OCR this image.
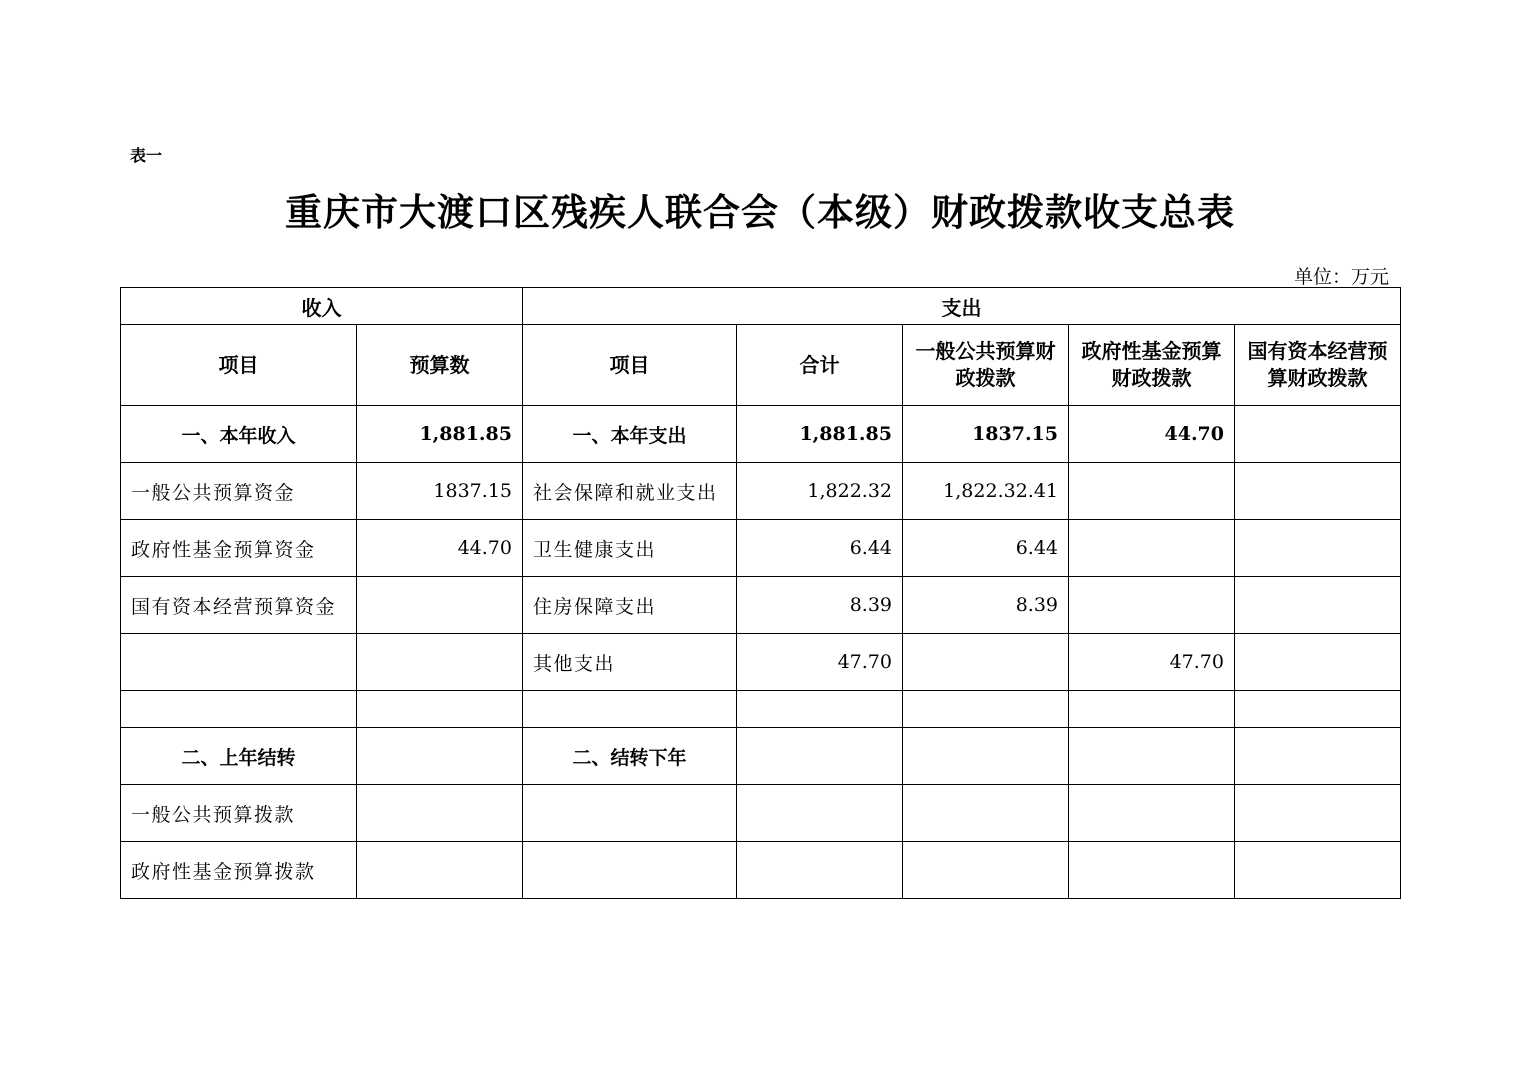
表一
重庆市大渡口区残疾人联合会（本级）财政拨款收支总表
单位：万元
收入		支出				
项目	预算数	项目	合计	一般公共预算财政拨款	政府性基金预算财政拨款	国有资本经营预算财政拨款
一、本年收入	1,881.85	一、本年支出	1,881.85	1837.15	44.70	
一般公共预算资金	1837.15	社会保障和就业支出	1,822.32	1,822.32.41		
政府性基金预算资金	44.70	卫生健康支出	6.44	6.44		
国有资本经营预算资金		住房保障支出	8.39	8.39		
		其他支出	47.70		47.70	

二、上年结转		二、结转下年				
一般公共预算拨款						
政府性基金预算拨款						
